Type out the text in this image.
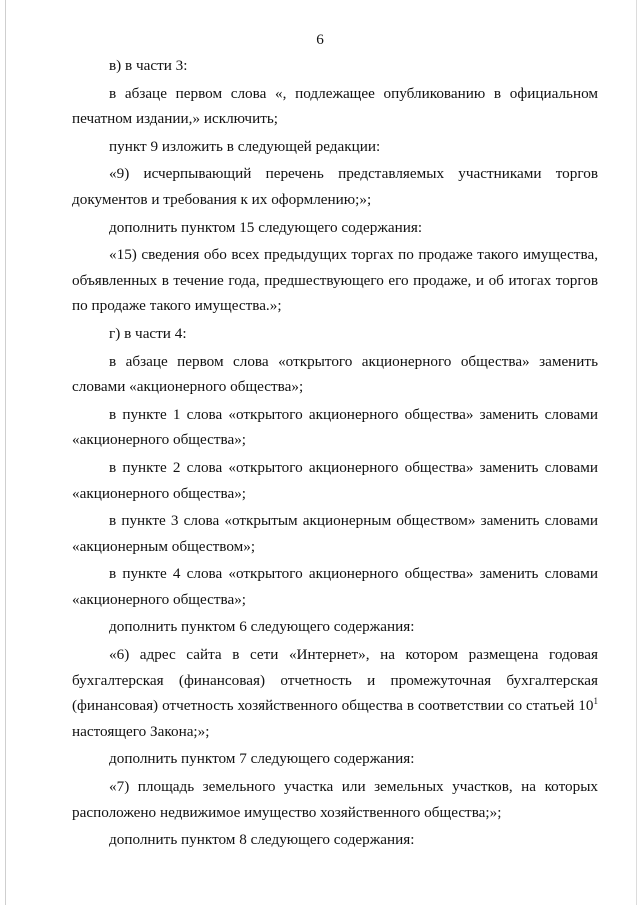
6

в) в части 3:

в абзаце первом слова «, подлежащее опубликованию в официальном печатном издании,» исключить;

пункт 9 изложить в следующей редакции:

«9) исчерпывающий перечень представляемых участниками торгов документов и требования к их оформлению;»;

дополнить пунктом 15 следующего содержания:

«15) сведения обо всех предыдущих торгах по продаже такого имущества, объявленных в течение года, предшествующего его продаже, и об итогах торгов по продаже такого имущества.»;

г) в части 4:

в абзаце первом слова «открытого акционерного общества» заменить словами «акционерного общества»;

в пункте 1 слова «открытого акционерного общества» заменить словами «акционерного общества»;

в пункте 2 слова «открытого акционерного общества» заменить словами «акционерного общества»;

в пункте 3 слова «открытым акционерным обществом» заменить словами «акционерным обществом»;

в пункте 4 слова «открытого акционерного общества» заменить словами «акционерного общества»;

дополнить пунктом 6 следующего содержания:

«6) адрес сайта в сети «Интернет», на котором размещена годовая бухгалтерская (финансовая) отчетность и промежуточная бухгалтерская (финансовая) отчетность хозяйственного общества в соответствии со статьей $10^1$ настоящего Закона;»;

дополнить пунктом 7 следующего содержания:

«7) площадь земельного участка или земельных участков, на которых расположено недвижимое имущество хозяйственного общества;»;

дополнить пунктом 8 следующего содержания:
